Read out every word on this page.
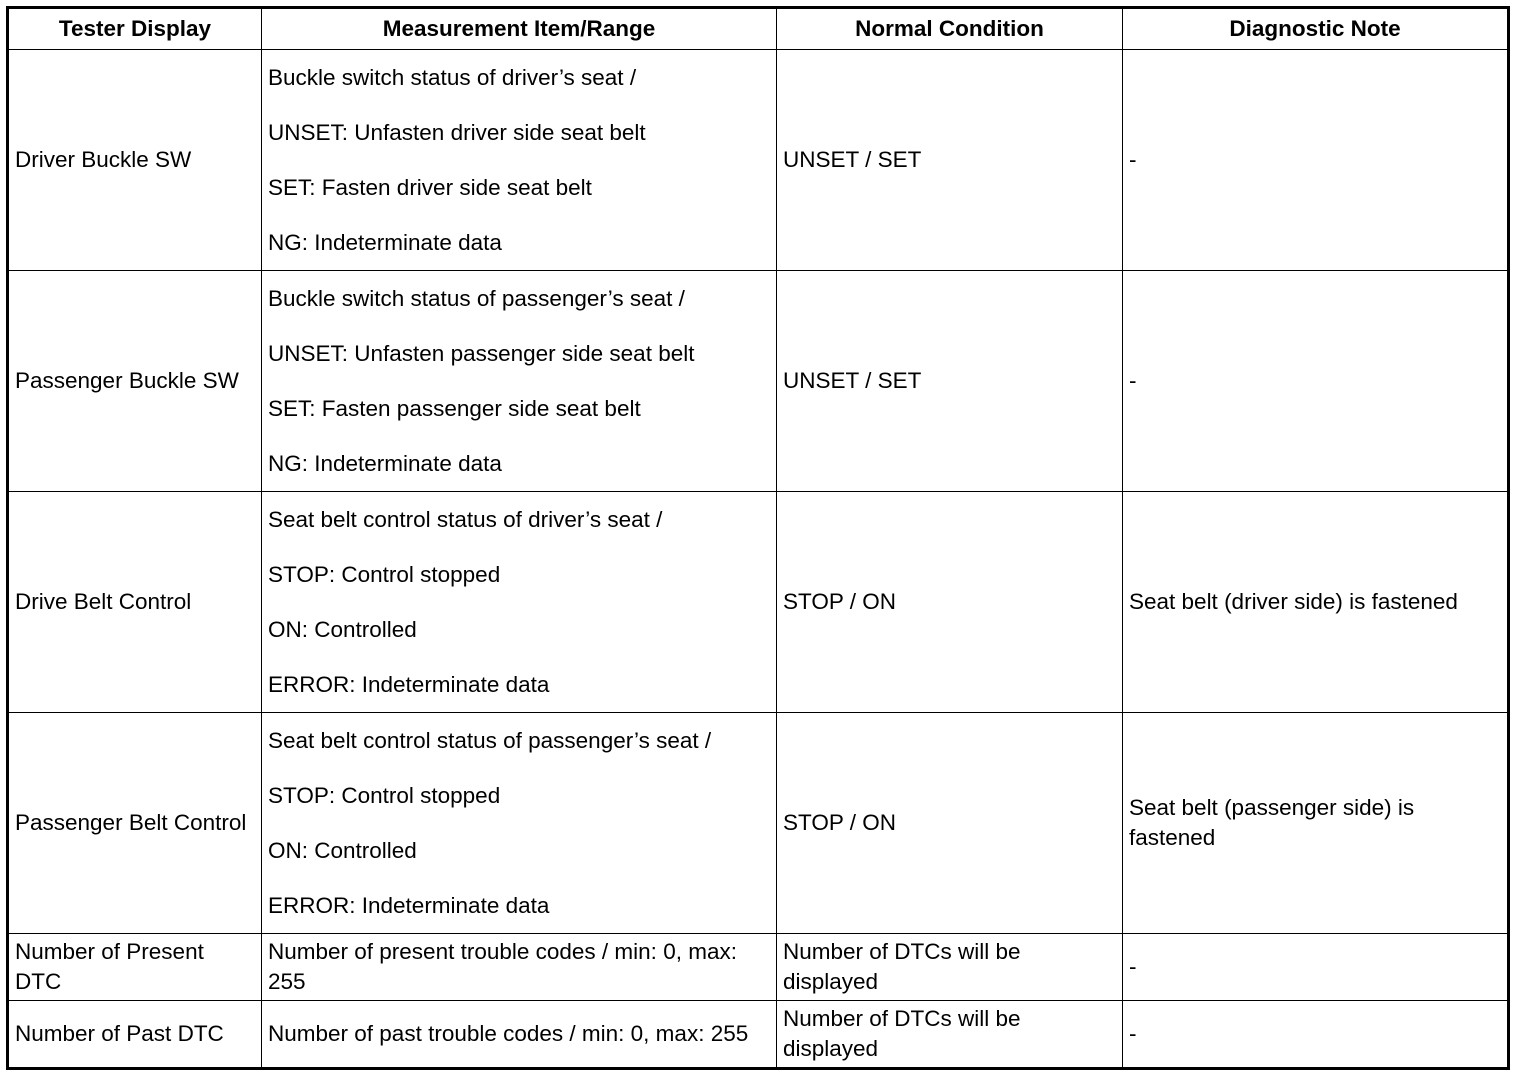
Tester Display	Measurement Item/Range	Normal Condition	Diagnostic Note
Driver Buckle SW	Buckle switch status of driver’s seat /
UNSET: Unfasten driver side seat belt
SET: Fasten driver side seat belt
NG: Indeterminate data	UNSET / SET	-
Passenger Buckle SW	Buckle switch status of passenger’s seat /
UNSET: Unfasten passenger side seat belt
SET: Fasten passenger side seat belt
NG: Indeterminate data	UNSET / SET	-
Drive Belt Control	Seat belt control status of driver’s seat /
STOP: Control stopped
ON: Controlled
ERROR: Indeterminate data	STOP / ON	Seat belt (driver side) is fastened
Passenger Belt Control	Seat belt control status of passenger’s seat /
STOP: Control stopped
ON: Controlled
ERROR: Indeterminate data	STOP / ON	Seat belt (passenger side) is fastened
Number of Present DTC	Number of present trouble codes / min: 0, max: 255	Number of DTCs will be displayed	-
Number of Past DTC	Number of past trouble codes / min: 0, max: 255	Number of DTCs will be displayed	-
